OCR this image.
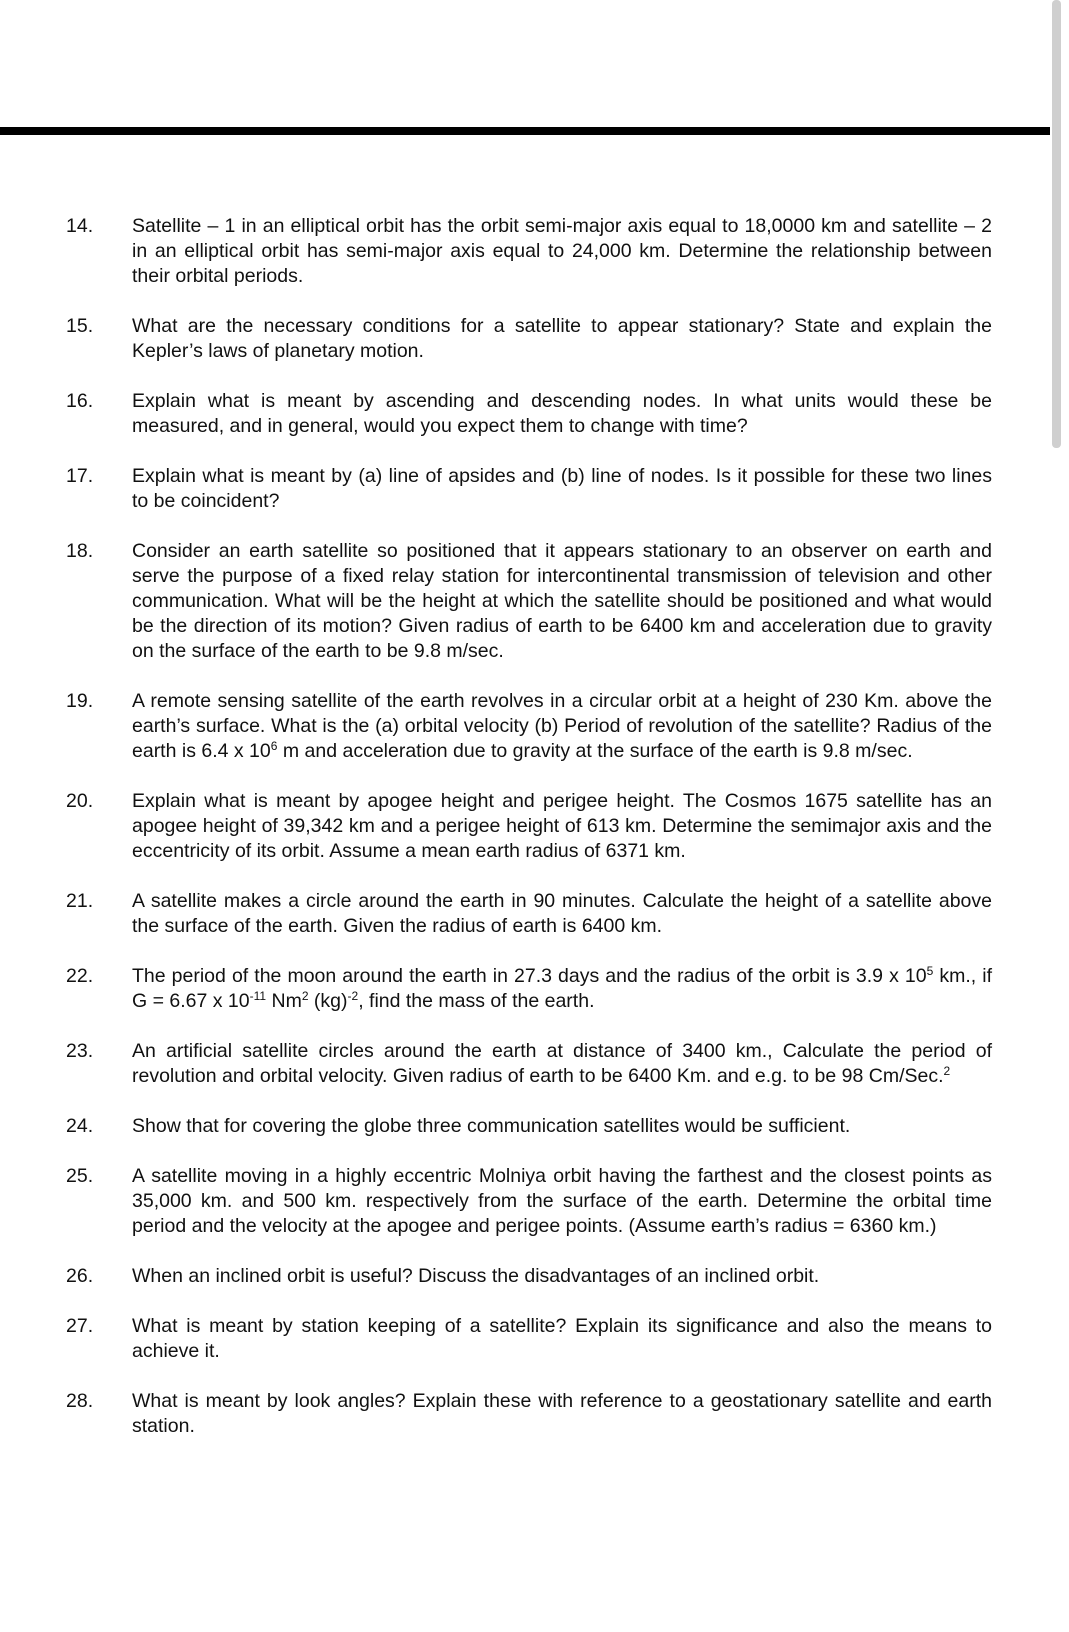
14.	Satellite – 1 in an elliptical orbit has the orbit semi-major axis equal to 18,0000 km and satellite – 2 in an elliptical orbit has semi-major axis equal to 24,000 km. Determine the relationship between their orbital periods.
15.	What are the necessary conditions for a satellite to appear stationary? State and explain the Kepler’s laws of planetary motion.
16.	Explain what is meant by ascending and descending nodes. In what units would these be measured, and in general, would you expect them to change with time?
17.	Explain what is meant by (a) line of apsides and (b) line of nodes. Is it possible for these two lines to be coincident?
18.	Consider an earth satellite so positioned that it appears stationary to an observer on earth and serve the purpose of a fixed relay station for intercontinental transmission of television and other communication. What will be the height at which the satellite should be positioned and what would be the direction of its motion? Given radius of earth to be 6400 km and acceleration due to gravity on the surface of the earth to be 9.8 m/sec.
19.	A remote sensing satellite of the earth revolves in a circular orbit at a height of 230 Km. above the earth’s surface. What is the (a) orbital velocity (b) Period of revolution of the satellite? Radius of the earth is 6.4 x $10^6$ m and acceleration due to gravity at the surface of the earth is 9.8 m/sec.
20.	Explain what is meant by apogee height and perigee height. The Cosmos 1675 satellite has an apogee height of 39,342 km and a perigee height of 613 km. Determine the semimajor axis and the eccentricity of its orbit. Assume a mean earth radius of 6371 km.
21.	A satellite makes a circle around the earth in 90 minutes. Calculate the height of a satellite above the surface of the earth. Given the radius of earth is 6400 km.
22.	The period of the moon around the earth in 27.3 days and the radius of the orbit is 3.9 x $10^5$ km., if G = 6.67 x $10^{-11}$ Nm$^2$ (kg)$^{-2}$, find the mass of the earth.
23.	An artificial satellite circles around the earth at distance of 3400 km., Calculate the period of revolution and orbital velocity. Given radius of earth to be 6400 Km. and e.g. to be 98 Cm/Sec.$^2$
24.	Show that for covering the globe three communication satellites would be sufficient.
25.	A satellite moving in a highly eccentric Molniya orbit having the farthest and the closest points as 35,000 km. and 500 km. respectively from the surface of the earth. Determine the orbital time period and the velocity at the apogee and perigee points. (Assume earth’s radius = 6360 km.)
26.	When an inclined orbit is useful? Discuss the disadvantages of an inclined orbit.
27.	What is meant by station keeping of a satellite? Explain its significance and also the means to achieve it.
28.	What is meant by look angles? Explain these with reference to a geostationary satellite and earth station.
